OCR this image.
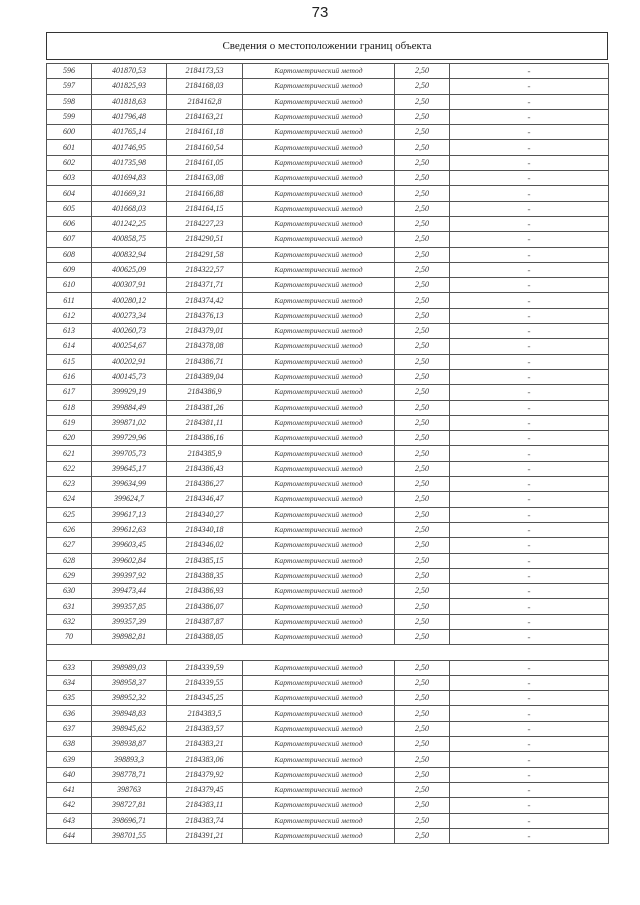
73
Сведения о местоположении границ объекта
596	401870,53	2184173,53	Картометрический метод	2,50	-
597	401825,93	2184168,03	Картометрический метод	2,50	-
598	401818,63	2184162,8	Картометрический метод	2,50	-
599	401796,48	2184163,21	Картометрический метод	2,50	-
600	401765,14	2184161,18	Картометрический метод	2,50	-
601	401746,95	2184160,54	Картометрический метод	2,50	-
602	401735,98	2184161,05	Картометрический метод	2,50	-
603	401694,83	2184163,08	Картометрический метод	2,50	-
604	401669,31	2184166,88	Картометрический метод	2,50	-
605	401668,03	2184164,15	Картометрический метод	2,50	-
606	401242,25	2184227,23	Картометрический метод	2,50	-
607	400858,75	2184290,51	Картометрический метод	2,50	-
608	400832,94	2184291,58	Картометрический метод	2,50	-
609	400625,09	2184322,57	Картометрический метод	2,50	-
610	400307,91	2184371,71	Картометрический метод	2,50	-
611	400280,12	2184374,42	Картометрический метод	2,50	-
612	400273,34	2184376,13	Картометрический метод	2,50	-
613	400260,73	2184379,01	Картометрический метод	2,50	-
614	400254,67	2184378,08	Картометрический метод	2,50	-
615	400202,91	2184386,71	Картометрический метод	2,50	-
616	400145,73	2184389,04	Картометрический метод	2,50	-
617	399929,19	2184386,9	Картометрический метод	2,50	-
618	399884,49	2184381,26	Картометрический метод	2,50	-
619	399871,02	2184381,11	Картометрический метод	2,50	-
620	399729,96	2184386,16	Картометрический метод	2,50	-
621	399705,73	2184385,9	Картометрический метод	2,50	-
622	399645,17	2184386,43	Картометрический метод	2,50	-
623	399634,99	2184386,27	Картометрический метод	2,50	-
624	399624,7	2184346,47	Картометрический метод	2,50	-
625	399617,13	2184340,27	Картометрический метод	2,50	-
626	399612,63	2184340,18	Картометрический метод	2,50	-
627	399603,45	2184346,02	Картометрический метод	2,50	-
628	399602,84	2184385,15	Картометрический метод	2,50	-
629	399397,92	2184388,35	Картометрический метод	2,50	-
630	399473,44	2184386,93	Картометрический метод	2,50	-
631	399357,85	2184386,07	Картометрический метод	2,50	-
632	399357,39	2184387,87	Картометрический метод	2,50	-
70	398982,81	2184388,05	Картометрический метод	2,50	-

633	398989,03	2184339,59	Картометрический метод	2,50	-
634	398958,37	2184339,55	Картометрический метод	2,50	-
635	398952,32	2184345,25	Картометрический метод	2,50	-
636	398948,83	2184383,5	Картометрический метод	2,50	-
637	398945,62	2184383,57	Картометрический метод	2,50	-
638	398938,87	2184383,21	Картометрический метод	2,50	-
639	398893,3	2184383,06	Картометрический метод	2,50	-
640	398778,71	2184379,92	Картометрический метод	2,50	-
641	398763	2184379,45	Картометрический метод	2,50	-
642	398727,81	2184383,11	Картометрический метод	2,50	-
643	398696,71	2184383,74	Картометрический метод	2,50	-
644	398701,55	2184391,21	Картометрический метод	2,50	-
